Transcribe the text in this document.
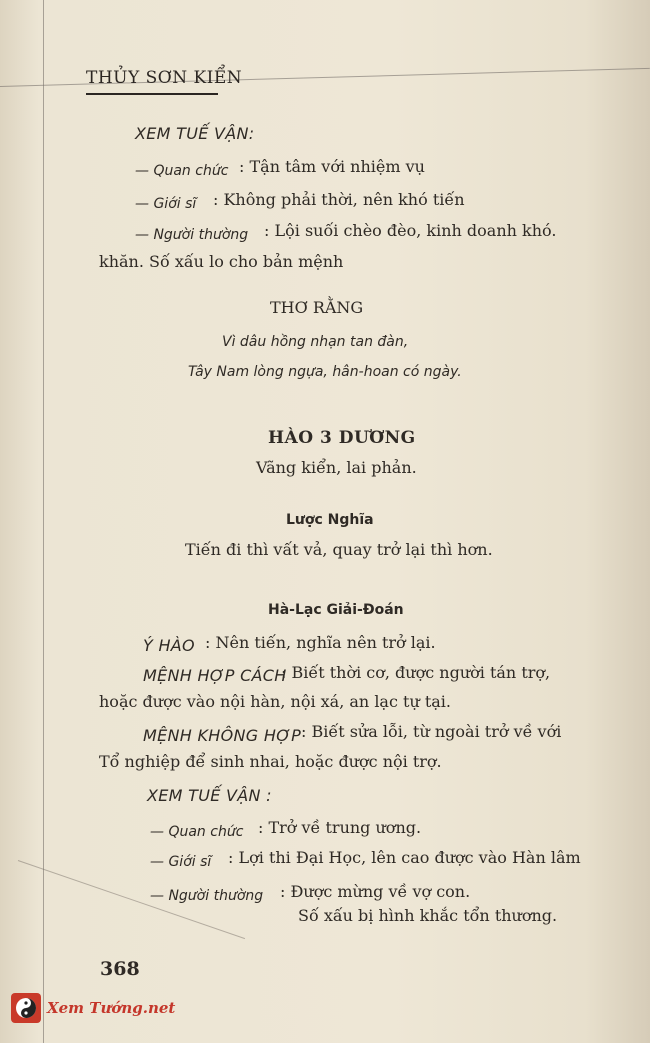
THỦY SƠN KIỂN
XEM TUẾ VẬN:
— Quan chức : Tận tâm với nhiệm vụ
— Giới sĩ : Không phải thời, nên khó tiến
— Người thường : Lội suối chèo đèo, kinh doanh khó.
khăn. Số xấu lo cho bản mệnh
THƠ RẰNG
Vì dâu hồng nhạn tan đàn,
Tây Nam lòng ngựa, hân-hoan có ngày.
HÀO 3 DƯƠNG
Vãng kiển, lai phản.
Lược Nghĩa
Tiến đi thì vất vả, quay trở lại thì hơn.
Hà-Lạc Giải-Đoán
Ý HÀO : Nên tiến, nghĩa nên trở lại.
MỆNH HỢP CÁCH
: Biết thời cơ, được người tán trợ,
hoặc được vào nội hàn, nội xá, an lạc tự tại.
MỆNH KHÔNG HỢP : Biết sửa lỗi, từ ngoài trở về với
Tổ nghiệp để sinh nhai, hoặc được nội trợ.
XEM TUẾ VẬN :
— Quan chức : Trở về trung ương.
— Giới sĩ : Lợi thi Đại Học, lên cao được vào Hàn lâm
— Người thường : Được mừng về vợ con.
Số xấu bị hình khắc tổn thương.
368
Xem Tướng.net
